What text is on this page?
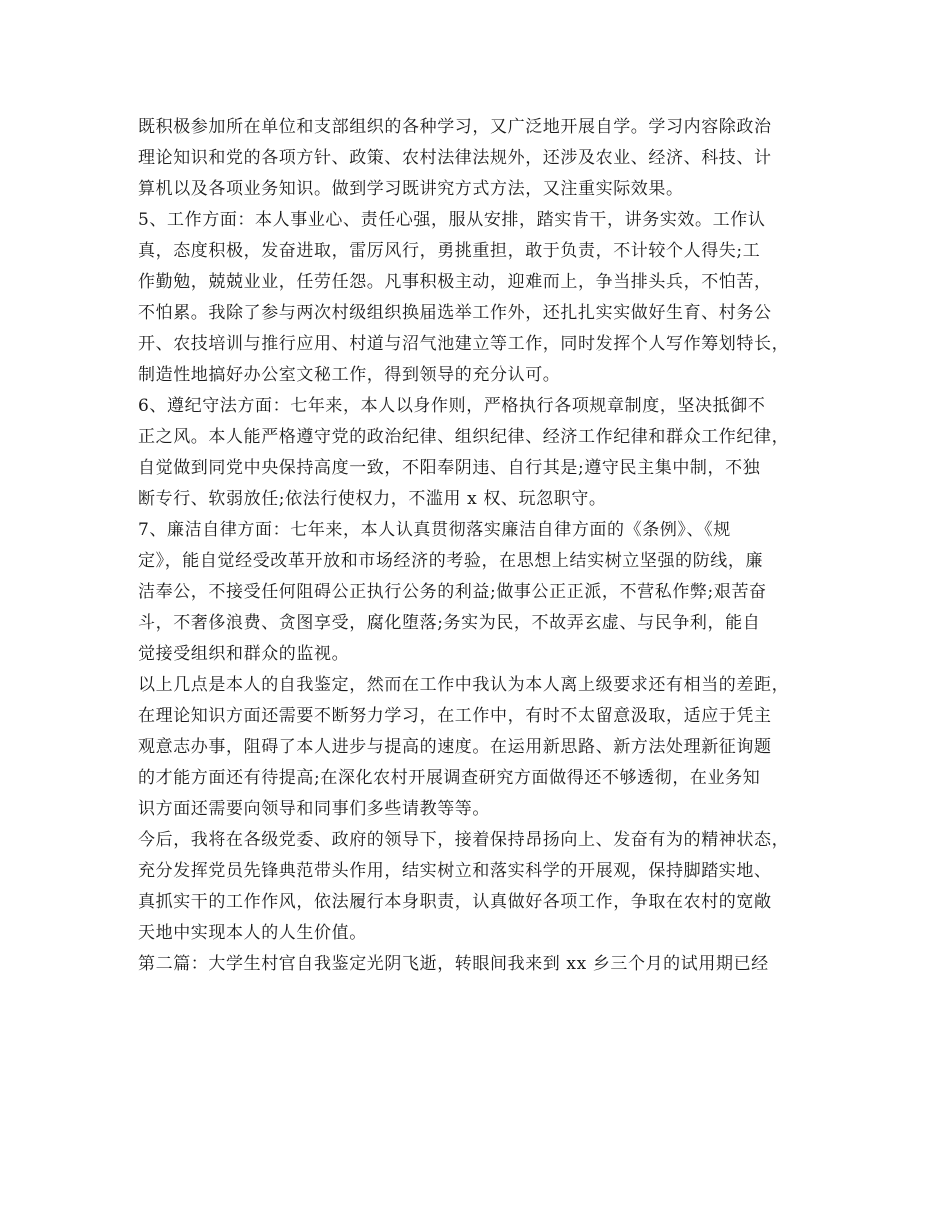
既积极参加所在单位和支部组织的各种学习，又广泛地开展自学。学习内容除政治
理论知识和党的各项方针、政策、农村法律法规外，还涉及农业、经济、科技、计
算机以及各项业务知识。做到学习既讲究方式方法，又注重实际效果。
5、工作方面：本人事业心、责任心强，服从安排，踏实肯干，讲务实效。工作认
真，态度积极，发奋进取，雷厉风行，勇挑重担，敢于负责，不计较个人得失;工
作勤勉，兢兢业业，任劳任怨。凡事积极主动，迎难而上，争当排头兵，不怕苦，
不怕累。我除了参与两次村级组织换届选举工作外，还扎扎实实做好生育、村务公
开、农技培训与推行应用、村道与沼气池建立等工作，同时发挥个人写作筹划特长，
制造性地搞好办公室文秘工作，得到领导的充分认可。
6、遵纪守法方面：七年来，本人以身作则，严格执行各项规章制度，坚决抵御不
正之风。本人能严格遵守党的政治纪律、组织纪律、经济工作纪律和群众工作纪律，
自觉做到同党中央保持高度一致，不阳奉阴违、自行其是;遵守民主集中制，不独
断专行、软弱放任;依法行使权力，不滥用 x 权、玩忽职守。
7、廉洁自律方面：七年来，本人认真贯彻落实廉洁自律方面的《条例》、《规
定》，能自觉经受改革开放和市场经济的考验，在思想上结实树立坚强的防线，廉
洁奉公，不接受任何阻碍公正执行公务的利益;做事公正正派，不营私作弊;艰苦奋
斗，不奢侈浪费、贪图享受，腐化堕落;务实为民，不故弄玄虚、与民争利，能自
觉接受组织和群众的监视。
以上几点是本人的自我鉴定，然而在工作中我认为本人离上级要求还有相当的差距，
在理论知识方面还需要不断努力学习，在工作中，有时不太留意汲取，适应于凭主
观意志办事，阻碍了本人进步与提高的速度。在运用新思路、新方法处理新征询题
的才能方面还有待提高;在深化农村开展调查研究方面做得还不够透彻，在业务知
识方面还需要向领导和同事们多些请教等等。
今后，我将在各级党委、政府的领导下，接着保持昂扬向上、发奋有为的精神状态，
充分发挥党员先锋典范带头作用，结实树立和落实科学的开展观，保持脚踏实地、
真抓实干的工作作风，依法履行本身职责，认真做好各项工作，争取在农村的宽敞
天地中实现本人的人生价值。
第二篇：大学生村官自我鉴定光阴飞逝，转眼间我来到 xx 乡三个月的试用期已经
